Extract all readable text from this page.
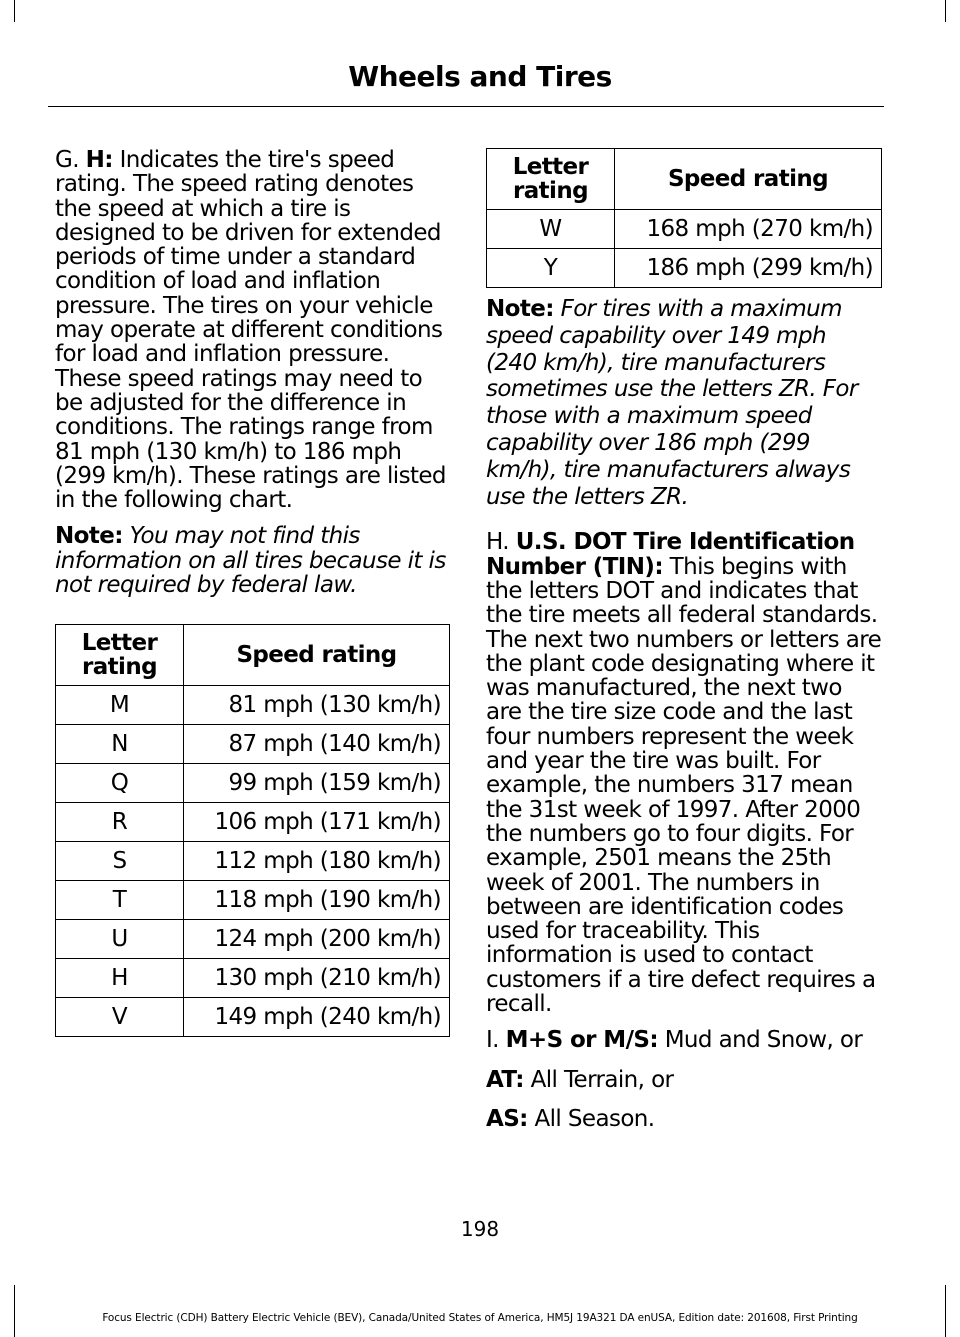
Wheels and Tires

G. H: Indicates the tire's speed rating. The speed rating denotes the speed at which a tire is designed to be driven for extended periods of time under a standard condition of load and inflation pressure. The tires on your vehicle may operate at different conditions for load and inflation pressure. These speed ratings may need to be adjusted for the difference in conditions. The ratings range from 81 mph (130 km/h) to 186 mph (299 km/h). These ratings are listed in the following chart.

Note: You may not find this information on all tires because it is not required by federal law.

Letter rating	Speed rating
M	81 mph (130 km/h)
N	87 mph (140 km/h)
Q	99 mph (159 km/h)
R	106 mph (171 km/h)
S	112 mph (180 km/h)
T	118 mph (190 km/h)
U	124 mph (200 km/h)
H	130 mph (210 km/h)
V	149 mph (240 km/h)
Letter rating	Speed rating
W	168 mph (270 km/h)
Y	186 mph (299 km/h)

Note: For tires with a maximum speed capability over 149 mph (240 km/h), tire manufacturers sometimes use the letters ZR. For those with a maximum speed capability over 186 mph (299 km/h), tire manufacturers always use the letters ZR.

H. U.S. DOT Tire Identification Number (TIN): This begins with the letters DOT and indicates that the tire meets all federal standards. The next two numbers or letters are the plant code designating where it was manufactured, the next two are the tire size code and the last four numbers represent the week and year the tire was built. For example, the numbers 317 mean the 31st week of 1997. After 2000 the numbers go to four digits. For example, 2501 means the 25th week of 2001. The numbers in between are identification codes used for traceability. This information is used to contact customers if a tire defect requires a recall.

I. M+S or M/S: Mud and Snow, or

AT: All Terrain, or

AS: All Season.

198
Focus Electric (CDH) Battery Electric Vehicle (BEV), Canada/United States of America, HM5J 19A321 DA enUSA, Edition date: 201608, First Printing
